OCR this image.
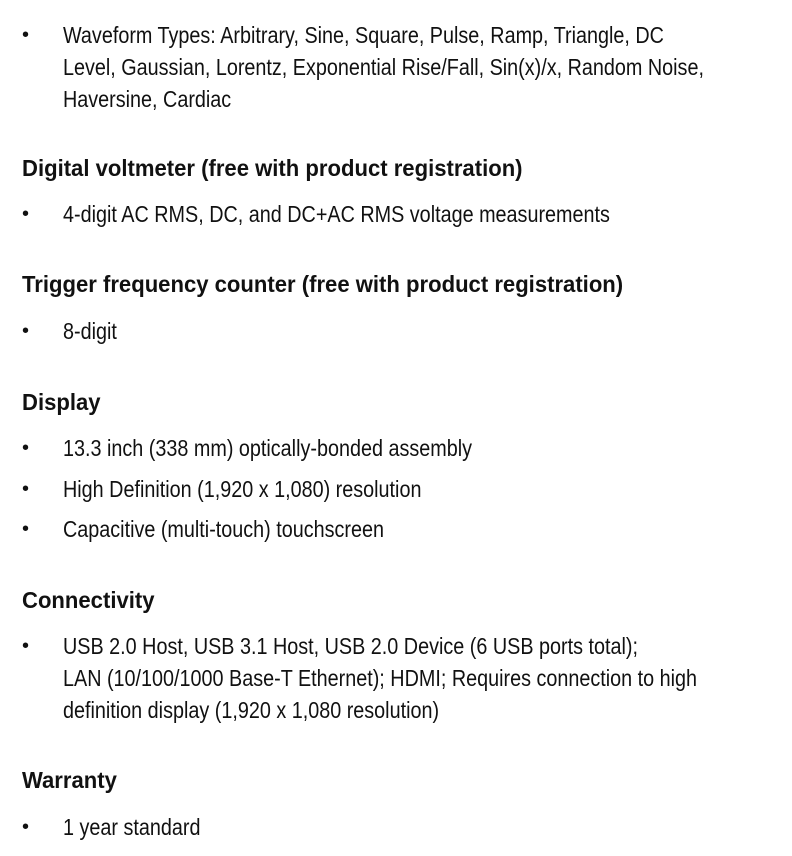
• Waveform Types: Arbitrary, Sine, Square, Pulse, Ramp, Triangle, DC
Level, Gaussian, Lorentz, Exponential Rise/Fall, Sin(x)/x, Random Noise,
Haversine, Cardiac
Digital voltmeter (free with product registration)
• 4-digit AC RMS, DC, and DC+AC RMS voltage measurements
Trigger frequency counter (free with product registration)
• 8-digit
Display
• 13.3 inch (338 mm) optically-bonded assembly
• High Definition (1,920 x 1,080) resolution
• Capacitive (multi-touch) touchscreen
Connectivity
• USB 2.0 Host, USB 3.1 Host, USB 2.0 Device (6 USB ports total);
LAN (10/100/1000 Base-T Ethernet); HDMI; Requires connection to high
definition display (1,920 x 1,080 resolution)
Warranty
• 1 year standard
